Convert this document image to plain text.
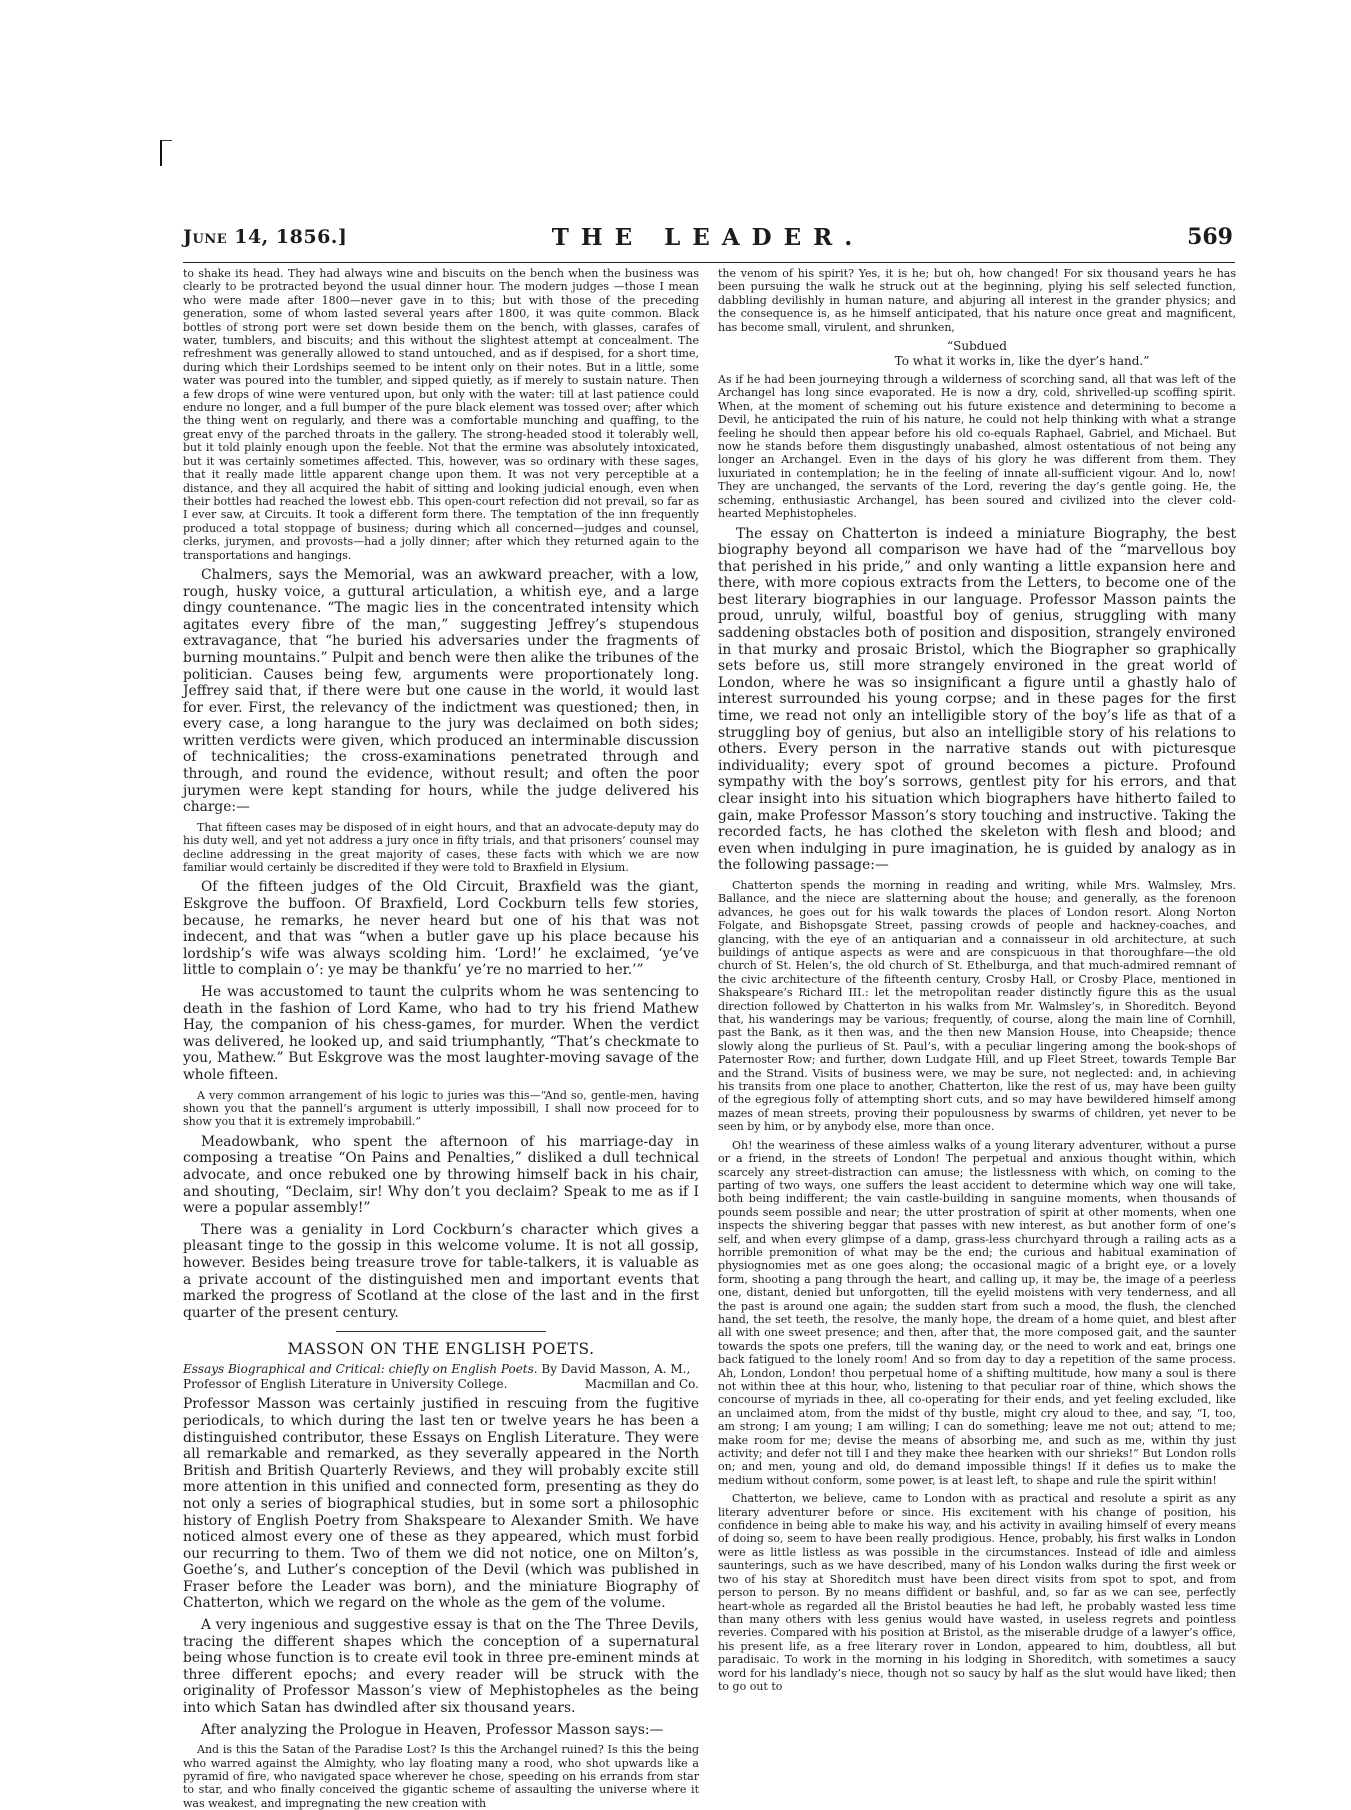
June 14, 1856.]	THE LEADER.	569

to shake its head. They had always wine and biscuits on the bench when the business was clearly to be protracted beyond the usual dinner hour. The modern judges —those I mean who were made after 1800—never gave in to this; but with those of the preceding generation, some of whom lasted several years after 1800, it was quite common. Black bottles of strong port were set down beside them on the bench, with glasses, carafes of water, tumblers, and biscuits; and this without the slightest attempt at concealment. The refreshment was generally allowed to stand untouched, and as if despised, for a short time, during which their Lordships seemed to be intent only on their notes. But in a little, some water was poured into the tumbler, and sipped quietly, as if merely to sustain nature. Then a few drops of wine were ventured upon, but only with the water: till at last patience could endure no longer, and a full bumper of the pure black element was tossed over; after which the thing went on regularly, and there was a comfortable munching and quaffing, to the great envy of the parched throats in the gallery. The strong-headed stood it tolerably well, but it told plainly enough upon the feeble. Not that the ermine was absolutely intoxicated, but it was certainly sometimes affected. This, however, was so ordinary with these sages, that it really made little apparent change upon them. It was not very perceptible at a distance, and they all acquired the habit of sitting and looking judicial enough, even when their bottles had reached the lowest ebb. This open-court refection did not prevail, so far as I ever saw, at Circuits. It took a different form there. The temptation of the inn frequently produced a total stoppage of business; during which all concerned—judges and counsel, clerks, jurymen, and provosts—had a jolly dinner; after which they returned again to the transportations and hangings.

Chalmers, says the Memorial, was an awkward preacher, with a low, rough, husky voice, a guttural articulation, a whitish eye, and a large dingy countenance. “The magic lies in the concentrated intensity which agitates every fibre of the man,” suggesting Jeffrey’s stupendous extravagance, that “he buried his adversaries under the fragments of burning mountains.” Pulpit and bench were then alike the tribunes of the politician. Causes being few, arguments were proportionately long. Jeffrey said that, if there were but one cause in the world, it would last for ever. First, the relevancy of the indictment was questioned; then, in every case, a long harangue to the jury was declaimed on both sides; written verdicts were given, which produced an interminable discussion of technicalities; the cross-examinations penetrated through and through, and round the evidence, without result; and often the poor jurymen were kept standing for hours, while the judge delivered his charge:—

That fifteen cases may be disposed of in eight hours, and that an advocate-deputy may do his duty well, and yet not address a jury once in fifty trials, and that prisoners’ counsel may decline addressing in the great majority of cases, these facts with which we are now familiar would certainly be discredited if they were told to Braxfield in Elysium.

Of the fifteen judges of the Old Circuit, Braxfield was the giant, Eskgrove the buffoon. Of Braxfield, Lord Cockburn tells few stories, because, he remarks, he never heard but one of his that was not indecent, and that was “when a butler gave up his place because his lordship’s wife was always scolding him. ‘Lord!’ he exclaimed, ‘ye’ve little to complain o’: ye may be thankfu’ ye’re no married to her.’”

He was accustomed to taunt the culprits whom he was sentencing to death in the fashion of Lord Kame, who had to try his friend Mathew Hay, the companion of his chess-games, for murder. When the verdict was delivered, he looked up, and said triumphantly, “That’s checkmate to you, Mathew.” But Eskgrove was the most laughter-moving savage of the whole fifteen.

A very common arrangement of his logic to juries was this—“And so, gentle-men, having shown you that the pannell’s argument is utterly impossibill, I shall now proceed for to show you that it is extremely improbabill.”

Meadowbank, who spent the afternoon of his marriage-day in composing a treatise “On Pains and Penalties,” disliked a dull technical advocate, and once rebuked one by throwing himself back in his chair, and shouting, “Declaim, sir! Why don’t you declaim? Speak to me as if I were a popular assembly!”

There was a geniality in Lord Cockburn’s character which gives a pleasant tinge to the gossip in this welcome volume. It is not all gossip, however. Besides being treasure trove for table-talkers, it is valuable as a private account of the distinguished men and important events that marked the progress of Scotland at the close of the last and in the first quarter of the present century.

MASSON ON THE ENGLISH POETS.

Essays Biographical and Critical: chiefly on English Poets. By David Masson, A. M.,
Professor of English Literature in University College.	Macmillan and Co.

Professor Masson was certainly justified in rescuing from the fugitive periodicals, to which during the last ten or twelve years he has been a distinguished contributor, these Essays on English Literature. They were all remarkable and remarked, as they severally appeared in the North British and British Quarterly Reviews, and they will probably excite still more attention in this unified and connected form, presenting as they do not only a series of biographical studies, but in some sort a philosophic history of English Poetry from Shakspeare to Alexander Smith. We have noticed almost every one of these as they appeared, which must forbid our recurring to them. Two of them we did not notice, one on Milton’s, Goethe’s, and Luther’s conception of the Devil (which was published in Fraser before the Leader was born), and the miniature Biography of Chatterton, which we regard on the whole as the gem of the volume.

A very ingenious and suggestive essay is that on the The Three Devils, tracing the different shapes which the conception of a supernatural being whose function is to create evil took in three pre-eminent minds at three different epochs; and every reader will be struck with the originality of Professor Masson’s view of Mephistopheles as the being into which Satan has dwindled after six thousand years.

After analyzing the Prologue in Heaven, Professor Masson says:—

And is this the Satan of the Paradise Lost? Is this the Archangel ruined? Is this the being who warred against the Almighty, who lay floating many a rood, who shot upwards like a pyramid of fire, who navigated space wherever he chose, speeding on his errands from star to star, and who finally conceived the gigantic scheme of assaulting the universe where it was weakest, and impregnating the new creation with

the venom of his spirit? Yes, it is he; but oh, how changed! For six thousand years he has been pursuing the walk he struck out at the beginning, plying his self selected function, dabbling devilishly in human nature, and abjuring all interest in the grander physics; and the consequence is, as he himself anticipated, that his nature once great and magnificent, has become small, virulent, and shrunken,

“Subdued
To what it works in, like the dyer’s hand.”

As if he had been journeying through a wilderness of scorching sand, all that was left of the Archangel has long since evaporated. He is now a dry, cold, shrivelled-up scoffing spirit. When, at the moment of scheming out his future existence and determining to become a Devil, he anticipated the ruin of his nature, he could not help thinking with what a strange feeling he should then appear before his old co-equals Raphael, Gabriel, and Michael. But now he stands before them disgustingly unabashed, almost ostentatious of not being any longer an Archangel. Even in the days of his glory he was different from them. They luxuriated in contemplation; he in the feeling of innate all-sufficient vigour. And lo, now! They are unchanged, the servants of the Lord, revering the day’s gentle going. He, the scheming, enthusiastic Archangel, has been soured and civilized into the clever cold-hearted Mephistopheles.

The essay on Chatterton is indeed a miniature Biography, the best biography beyond all comparison we have had of the “marvellous boy that perished in his pride,” and only wanting a little expansion here and there, with more copious extracts from the Letters, to become one of the best literary biographies in our language. Professor Masson paints the proud, unruly, wilful, boastful boy of genius, struggling with many saddening obstacles both of position and disposition, strangely environed in that murky and prosaic Bristol, which the Biographer so graphically sets before us, still more strangely environed in the great world of London, where he was so insignificant a figure until a ghastly halo of interest surrounded his young corpse; and in these pages for the first time, we read not only an intelligible story of the boy’s life as that of a struggling boy of genius, but also an intelligible story of his relations to others. Every person in the narrative stands out with picturesque individuality; every spot of ground becomes a picture. Profound sympathy with the boy’s sorrows, gentlest pity for his errors, and that clear insight into his situation which biographers have hitherto failed to gain, make Professor Masson’s story touching and instructive. Taking the recorded facts, he has clothed the skeleton with flesh and blood; and even when indulging in pure imagination, he is guided by analogy as in the following passage:—

Chatterton spends the morning in reading and writing, while Mrs. Walmsley, Mrs. Ballance, and the niece are slatterning about the house; and generally, as the forenoon advances, he goes out for his walk towards the places of London resort. Along Norton Folgate, and Bishopsgate Street, passing crowds of people and hackney-coaches, and glancing, with the eye of an antiquarian and a connaisseur in old architecture, at such buildings of antique aspects as were and are conspicuous in that thoroughfare—the old church of St. Helen’s, the old church of St. Ethelburga, and that much-admired remnant of the civic architecture of the fifteenth century, Crosby Hall, or Crosby Place, mentioned in Shakspeare’s Richard III.: let the metropolitan reader distinctly figure this as the usual direction followed by Chatterton in his walks from Mr. Walmsley’s, in Shoreditch. Beyond that, his wanderings may be various; frequently, of course, along the main line of Cornhill, past the Bank, as it then was, and the then new Mansion House, into Cheapside; thence slowly along the purlieus of St. Paul’s, with a peculiar lingering among the book-shops of Paternoster Row; and further, down Ludgate Hill, and up Fleet Street, towards Temple Bar and the Strand. Visits of business were, we may be sure, not neglected: and, in achieving his transits from one place to another, Chatterton, like the rest of us, may have been guilty of the egregious folly of attempting short cuts, and so may have bewildered himself among mazes of mean streets, proving their populousness by swarms of children, yet never to be seen by him, or by anybody else, more than once.

Oh! the weariness of these aimless walks of a young literary adventurer, without a purse or a friend, in the streets of London! The perpetual and anxious thought within, which scarcely any street-distraction can amuse; the listlessness with which, on coming to the parting of two ways, one suffers the least accident to determine which way one will take, both being indifferent; the vain castle-building in sanguine moments, when thousands of pounds seem possible and near; the utter prostration of spirit at other moments, when one inspects the shivering beggar that passes with new interest, as but another form of one’s self, and when every glimpse of a damp, grass-less churchyard through a railing acts as a horrible premonition of what may be the end; the curious and habitual examination of physiognomies met as one goes along; the occasional magic of a bright eye, or a lovely form, shooting a pang through the heart, and calling up, it may be, the image of a peerless one, distant, denied but unforgotten, till the eyelid moistens with very tenderness, and all the past is around one again; the sudden start from such a mood, the flush, the clenched hand, the set teeth, the resolve, the manly hope, the dream of a home quiet, and blest after all with one sweet presence; and then, after that, the more composed gait, and the saunter towards the spots one prefers, till the waning day, or the need to work and eat, brings one back fatigued to the lonely room! And so from day to day a repetition of the same process. Ah, London, London! thou perpetual home of a shifting multitude, how many a soul is there not within thee at this hour, who, listening to that peculiar roar of thine, which shows the concourse of myriads in thee, all co-operating for their ends, and yet feeling excluded, like an unclaimed atom, from the midst of thy bustle, might cry aloud to thee, and say, “I, too, am strong; I am young; I am willing; I can do something; leave me not out; attend to me; make room for me; devise the means of absorbing me, and such as me, within thy just activity; and defer not till I and they make thee hearken with our shrieks!” But London rolls on; and men, young and old, do demand impossible things! If it defies us to make the medium without conform, some power, is at least left, to shape and rule the spirit within!

Chatterton, we believe, came to London with as practical and resolute a spirit as any literary adventurer before or since. His excitement with his change of position, his confidence in being able to make his way, and his activity in availing himself of every means of doing so, seem to have been really prodigious. Hence, probably, his first walks in London were as little listless as was possible in the circumstances. Instead of idle and aimless saunterings, such as we have described, many of his London walks during the first week or two of his stay at Shoreditch must have been direct visits from spot to spot, and from person to person. By no means diffident or bashful, and, so far as we can see, perfectly heart-whole as regarded all the Bristol beauties he had left, he probably wasted less time than many others with less genius would have wasted, in useless regrets and pointless reveries. Compared with his position at Bristol, as the miserable drudge of a lawyer’s office, his present life, as a free literary rover in London, appeared to him, doubtless, all but paradisaic. To work in the morning in his lodging in Shoreditch, with sometimes a saucy word for his landlady’s niece, though not so saucy by half as the slut would have liked; then to go out to
